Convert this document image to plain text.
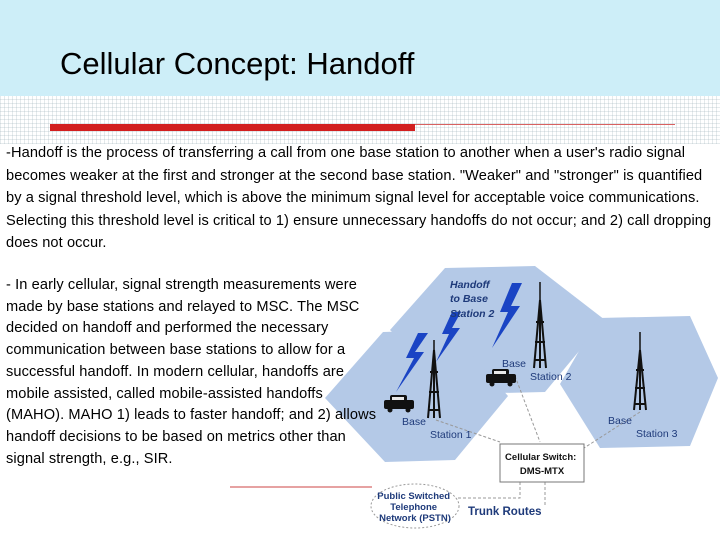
Cellular Concept: Handoff
-Handoff is the process of transferring a call from one base station to another when a user's radio signal becomes weaker at the first and stronger at the second base station. "Weaker" and "stronger" is quantified by a signal threshold level, which is above the minimum signal level for acceptable voice communications. Selecting this threshold level is critical to 1) ensure unnecessary handoffs do not occur; and 2) call dropping does not occur.
Handoff to Base Station 2
Base Station 1
Base Station 2
Base Station 3
Cellular Switch: DMS-MTX
Public Switched Telephone Network (PSTN)
Trunk Routes
- In early cellular, signal strength measurements were made by base stations and relayed to MSC. The MSC decided on handoff and performed the necessary communication between base stations to allow for a successful handoff. In modern cellular, handoffs are mobile assisted, called mobile-assisted handoffs (MAHO). MAHO 1) leads to faster handoff; and 2) allows handoff decisions to be based on metrics other than signal strength, e.g., SIR.
